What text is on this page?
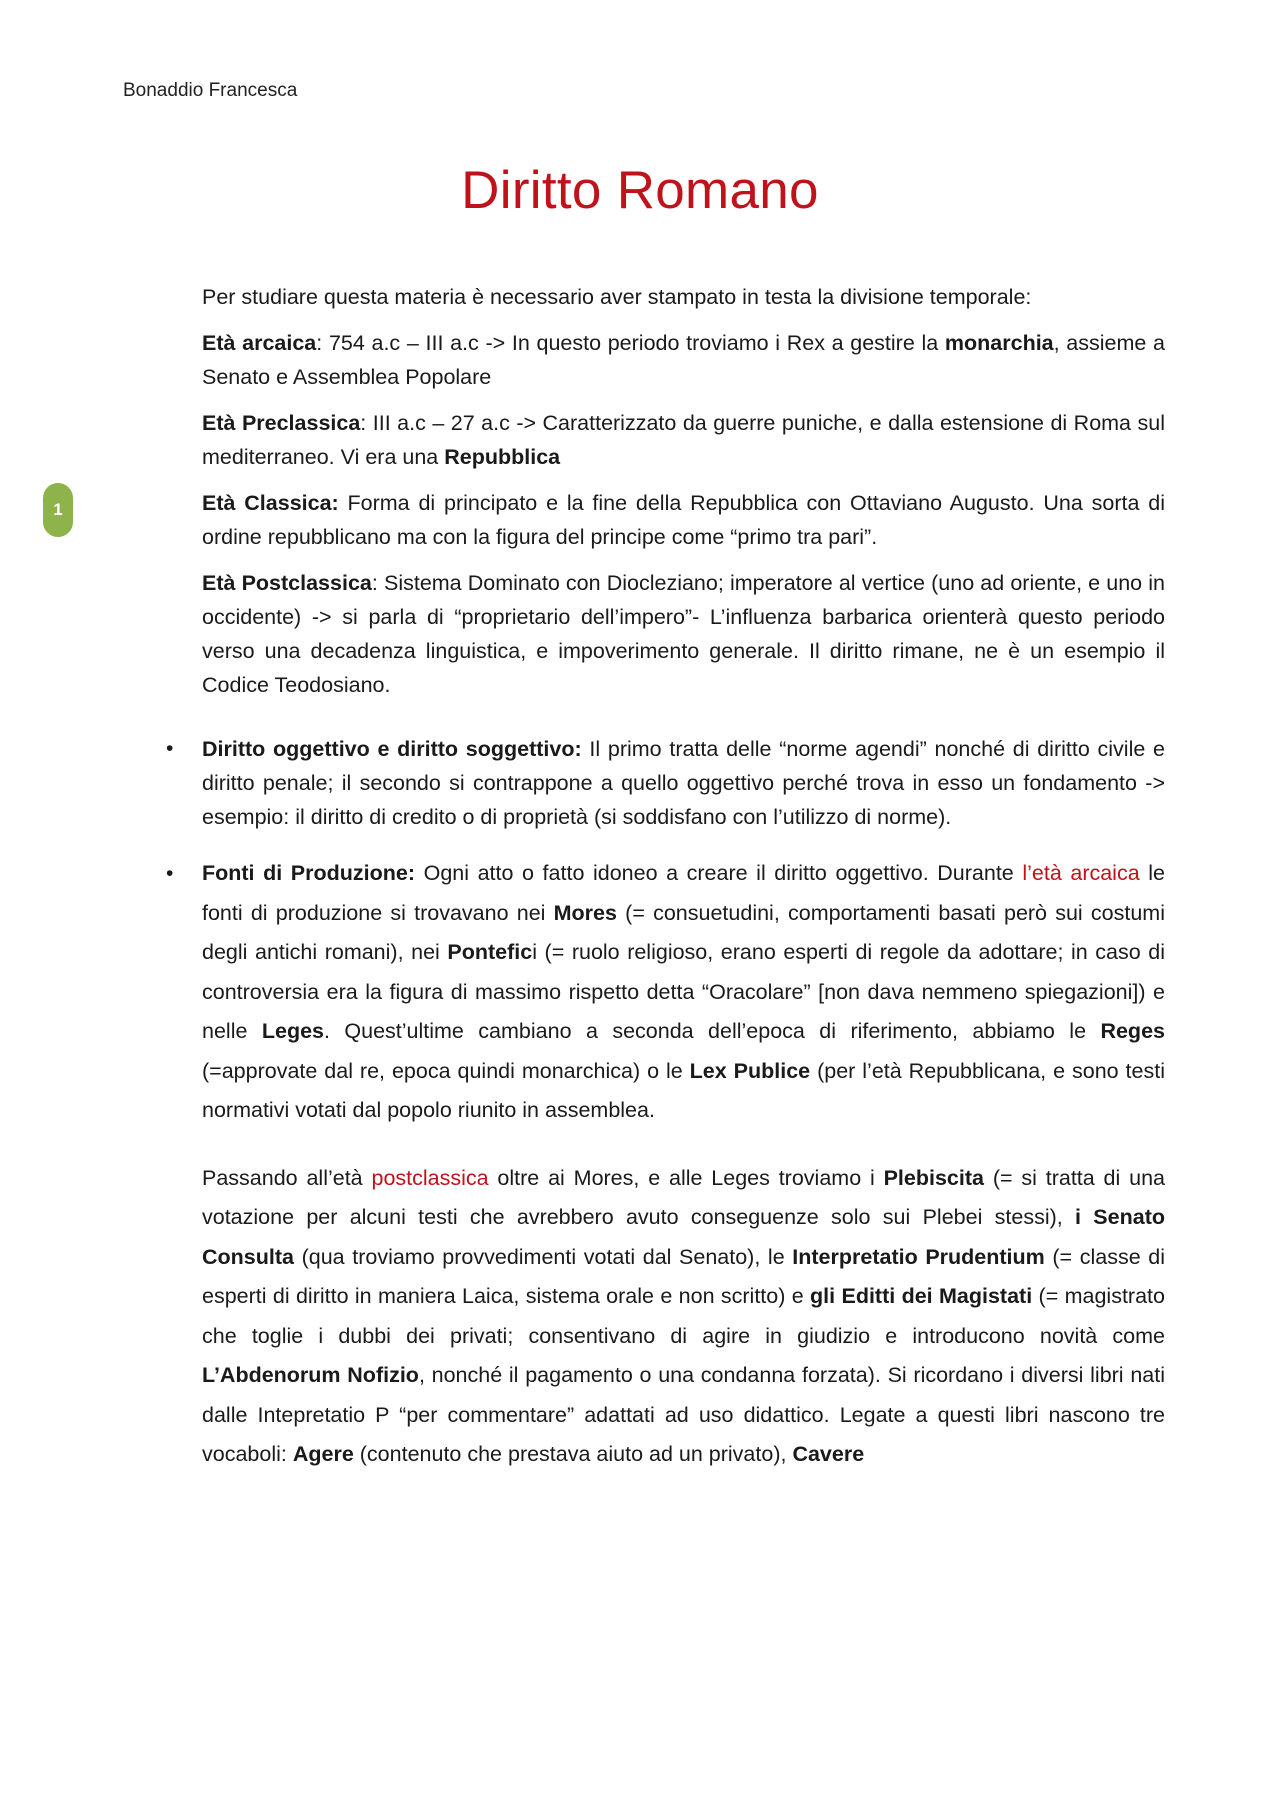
Bonaddio Francesca
Diritto Romano
1

Per studiare questa materia è necessario aver stampato in testa la divisione temporale:

Età arcaica: 754 a.c – III a.c -> In questo periodo troviamo i Rex a gestire la monarchia, assieme a Senato e Assemblea Popolare

Età Preclassica: III a.c – 27 a.c -> Caratterizzato da guerre puniche, e dalla estensione di Roma sul mediterraneo. Vi era una Repubblica

Età Classica: Forma di principato e la fine della Repubblica con Ottaviano Augusto. Una sorta di ordine repubblicano ma con la figura del principe come “primo tra pari”.

Età Postclassica: Sistema Dominato con Diocleziano; imperatore al vertice (uno ad oriente, e uno in occidente) -> si parla di “proprietario dell’impero”- L’influenza barbarica orienterà questo periodo verso una decadenza linguistica, e impoverimento generale. Il diritto rimane, ne è un esempio il Codice Teodosiano.

• Diritto oggettivo e diritto soggettivo: Il primo tratta delle “norme agendi” nonché di diritto civile e diritto penale; il secondo si contrappone a quello oggettivo perché trova in esso un fondamento -> esempio: il diritto di credito o di proprietà (si soddisfano con l’utilizzo di norme).
• Fonti di Produzione: Ogni atto o fatto idoneo a creare il diritto oggettivo. Durante l’età arcaica le fonti di produzione si trovavano nei Mores (= consuetudini, comportamenti basati però sui costumi degli antichi romani), nei Pontefici (= ruolo religioso, erano esperti di regole da adottare; in caso di controversia era la figura di massimo rispetto detta “Oracolare” [non dava nemmeno spiegazioni]) e nelle Leges. Quest’ultime cambiano a seconda dell’epoca di riferimento, abbiamo le Reges (=approvate dal re, epoca quindi monarchica) o le Lex Publice (per l’età Repubblicana, e sono testi normativi votati dal popolo riunito in assemblea.

Passando all’età postclassica oltre ai Mores, e alle Leges troviamo i Plebiscita (= si tratta di una votazione per alcuni testi che avrebbero avuto conseguenze solo sui Plebei stessi), i Senato Consulta (qua troviamo provvedimenti votati dal Senato), le Interpretatio Prudentium (= classe di esperti di diritto in maniera Laica, sistema orale e non scritto) e gli Editti dei Magistati (= magistrato che toglie i dubbi dei privati; consentivano di agire in giudizio e introducono novità come L’Abdenorum Nofizio, nonché il pagamento o una condanna forzata). Si ricordano i diversi libri nati dalle Intepretatio P “per commentare” adattati ad uso didattico. Legate a questi libri nascono tre vocaboli: Agere (contenuto che prestava aiuto ad un privato), Cavere
